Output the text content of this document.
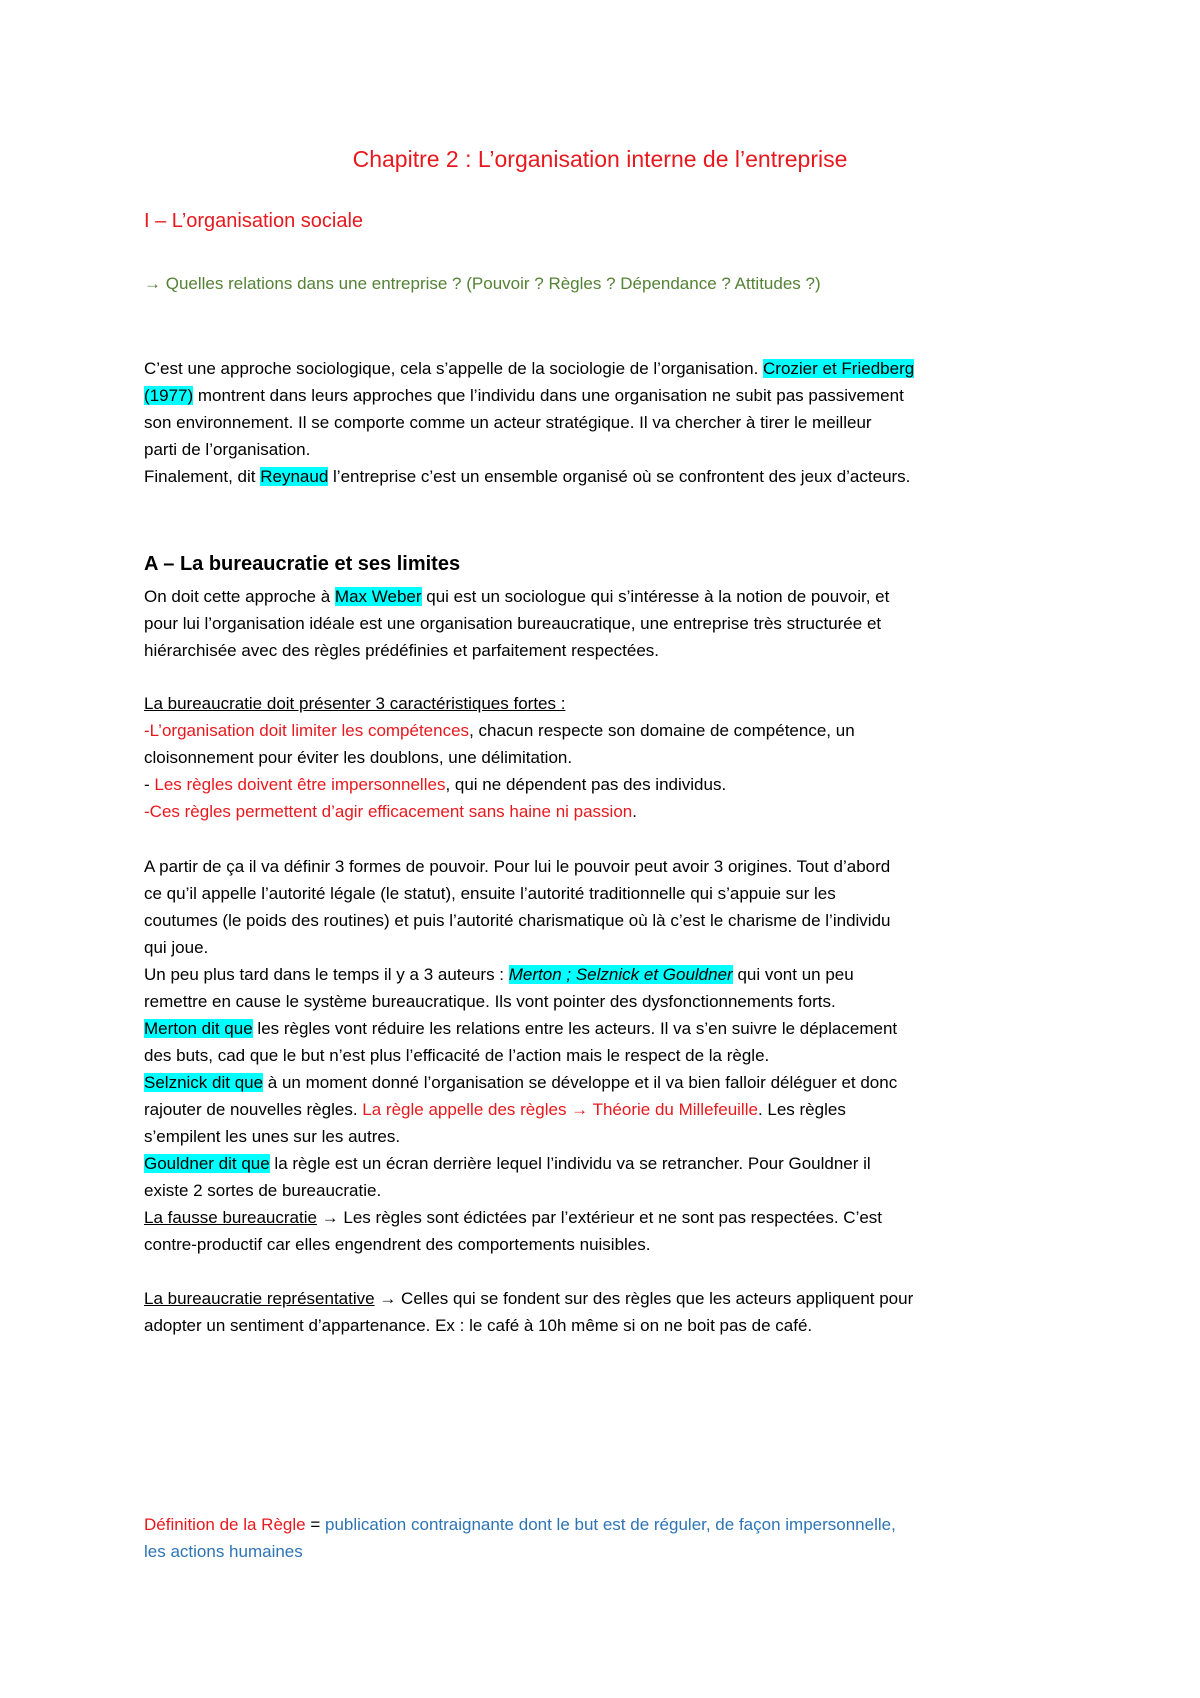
Chapitre 2 : L’organisation interne de l’entreprise
I – L’organisation sociale
→ Quelles relations dans une entreprise ? (Pouvoir ? Règles ? Dépendance ? Attitudes ?)
C’est une approche sociologique, cela s’appelle de la sociologie de l’organisation. Crozier et Friedberg
(1977) montrent dans leurs approches que l’individu dans une organisation ne subit pas passivement
son environnement. Il se comporte comme un acteur stratégique. Il va chercher à tirer le meilleur
parti de l’organisation.
Finalement, dit Reynaud l’entreprise c’est un ensemble organisé où se confrontent des jeux d’acteurs.
A – La bureaucratie et ses limites
On doit cette approche à Max Weber qui est un sociologue qui s’intéresse à la notion de pouvoir, et
pour lui l’organisation idéale est une organisation bureaucratique, une entreprise très structurée et
hiérarchisée avec des règles prédéfinies et parfaitement respectées.
La bureaucratie doit présenter 3 caractéristiques fortes :
-L’organisation doit limiter les compétences, chacun respecte son domaine de compétence, un
cloisonnement pour éviter les doublons, une délimitation.
- Les règles doivent être impersonnelles, qui ne dépendent pas des individus.
-Ces règles permettent d’agir efficacement sans haine ni passion.
A partir de ça il va définir 3 formes de pouvoir. Pour lui le pouvoir peut avoir 3 origines. Tout d’abord
ce qu’il appelle l’autorité légale (le statut), ensuite l’autorité traditionnelle qui s’appuie sur les
coutumes (le poids des routines) et puis l’autorité charismatique où là c’est le charisme de l’individu
qui joue.
Un peu plus tard dans le temps il y a 3 auteurs : Merton ; Selznick et Gouldner qui vont un peu
remettre en cause le système bureaucratique. Ils vont pointer des dysfonctionnements forts.
Merton dit que les règles vont réduire les relations entre les acteurs. Il va s’en suivre le déplacement
des buts, cad que le but n’est plus l’efficacité de l’action mais le respect de la règle.
Selznick dit que à un moment donné l’organisation se développe et il va bien falloir déléguer et donc
rajouter de nouvelles règles. La règle appelle des règles → Théorie du Millefeuille. Les règles
s’empilent les unes sur les autres.
Gouldner dit que la règle est un écran derrière lequel l’individu va se retrancher. Pour Gouldner il
existe 2 sortes de bureaucratie.
La fausse bureaucratie → Les règles sont édictées par l’extérieur et ne sont pas respectées. C’est
contre-productif car elles engendrent des comportements nuisibles.

La bureaucratie représentative → Celles qui se fondent sur des règles que les acteurs appliquent pour
adopter un sentiment d’appartenance. Ex : le café à 10h même si on ne boit pas de café.
Définition de la Règle = publication contraignante dont le but est de réguler, de façon impersonnelle,
les actions humaines
